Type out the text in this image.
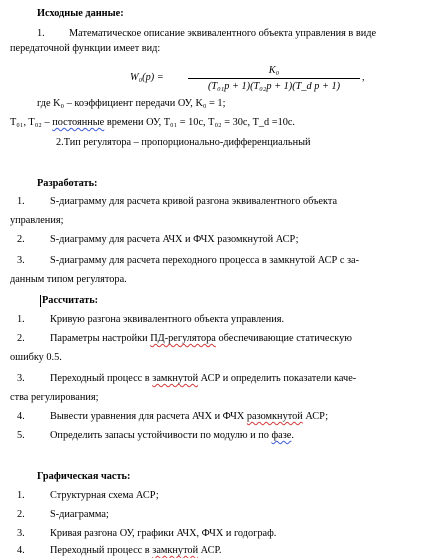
Исходные данные:
1. Математическое описание эквивалентного объекта управления в виде
передаточной функции имеет вид:
W₀(p) =
K₀
(T₀₁p + 1)(T₀₂p + 1)(T_d p + 1)
,
где K₀ – коэффициент передачи ОУ, K₀ = 1;
T₀₁, T₀₂ – постоянные времени ОУ, T₀₁ = 10с, T₀₂ = 30с, T_d =10с.
2.Тип регулятора – пропорционально-дифференциальный
Разработать:
1. S-диаграмму для расчета кривой разгона эквивалентного объекта
управления;
2. S-диаграмму для расчета АЧХ и ФЧХ разомкнутой АСР;
3. S-диаграмму для расчета переходного процесса в замкнутой АСР с за-
данным типом регулятора.
Рассчитать:
1. Кривую разгона эквивалентного объекта управления.
2. Параметры настройки ПД-регулятора обеспечивающие статическую
ошибку 0.5.
3. Переходный процесс в замкнутой АСР и определить показатели каче-
ства регулирования;
4. Вывести уравнения для расчета АЧХ и ФЧХ разомкнутой АСР;
5. Определить запасы устойчивости по модулю и по фазе.
Графическая часть:
1. Структурная схема АСР;
2. S-диаграмма;
3. Кривая разгона ОУ, графики АЧХ, ФЧХ и годограф.
4. Переходный процесс в замкнутой АСР.
